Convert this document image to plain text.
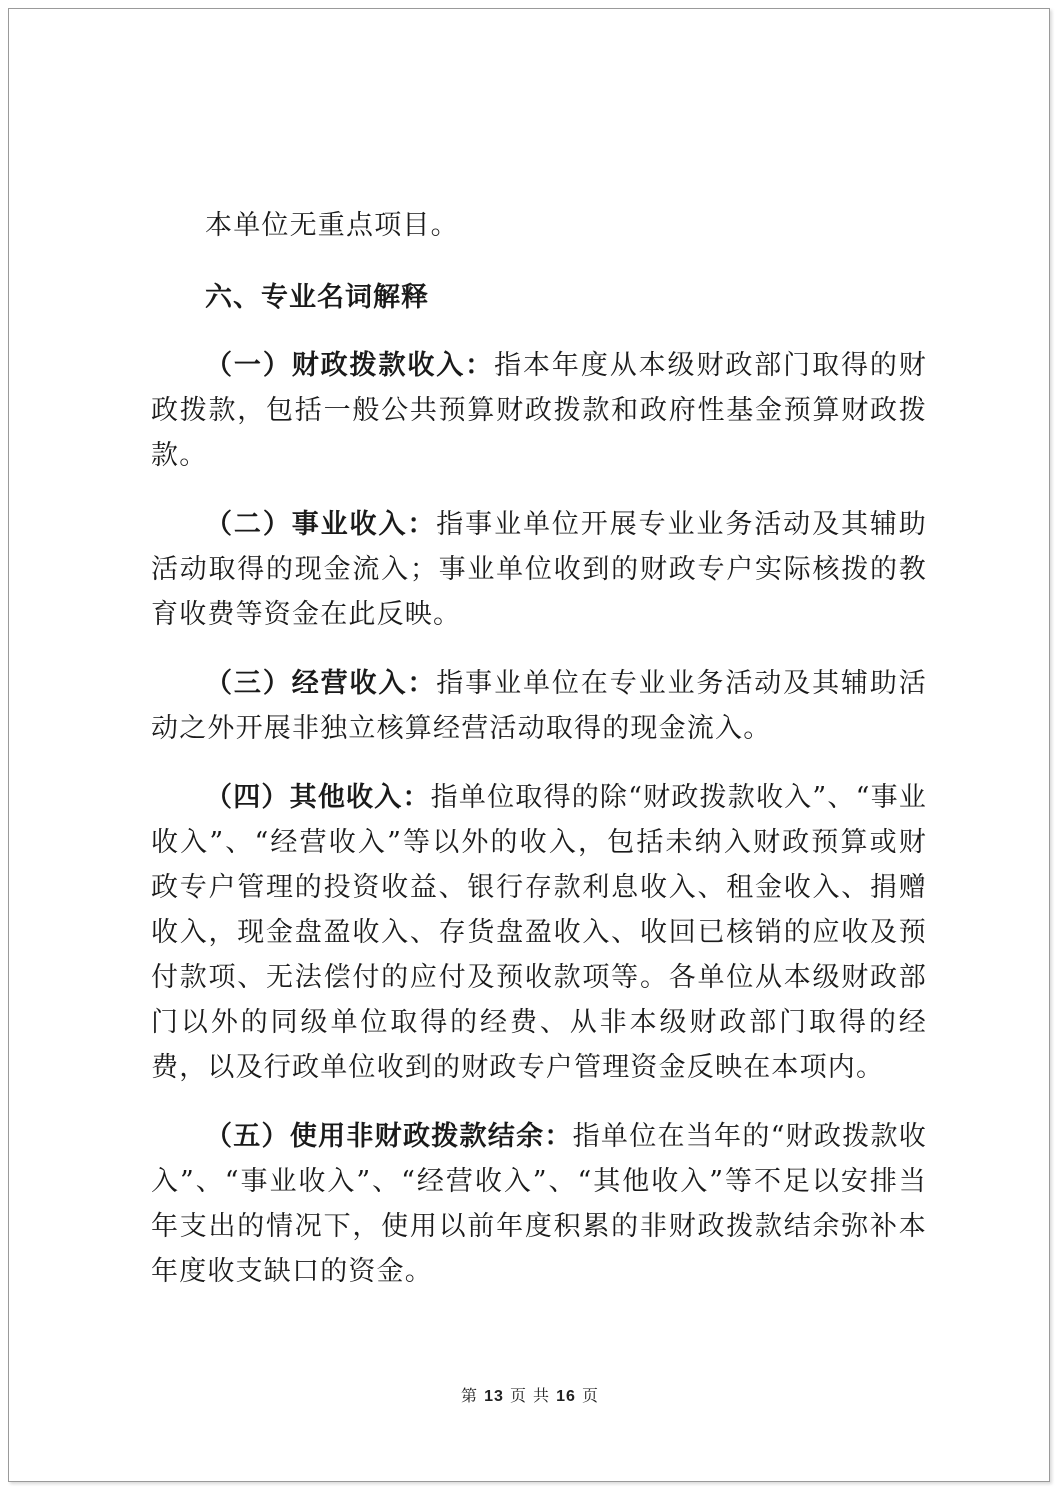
本单位无重点项目。

六、专业名词解释

（一）财政拨款收入：指本年度从本级财政部门取得的财政拨款，包括一般公共预算财政拨款和政府性基金预算财政拨款。

（二）事业收入：指事业单位开展专业业务活动及其辅助活动取得的现金流入；事业单位收到的财政专户实际核拨的教育收费等资金在此反映。

（三）经营收入：指事业单位在专业业务活动及其辅助活动之外开展非独立核算经营活动取得的现金流入。

（四）其他收入：指单位取得的除“财政拨款收入”、“事业收入”、“经营收入”等以外的收入，包括未纳入财政预算或财政专户管理的投资收益、银行存款利息收入、租金收入、捐赠收入，现金盘盈收入、存货盘盈收入、收回已核销的应收及预付款项、无法偿付的应付及预收款项等。各单位从本级财政部门以外的同级单位取得的经费、从非本级财政部门取得的经费，以及行政单位收到的财政专户管理资金反映在本项内。

（五）使用非财政拨款结余：指单位在当年的“财政拨款收入”、“事业收入”、“经营收入”、“其他收入”等不足以安排当年支出的情况下，使用以前年度积累的非财政拨款结余弥补本年度收支缺口的资金。

第 13 页 共 16 页
